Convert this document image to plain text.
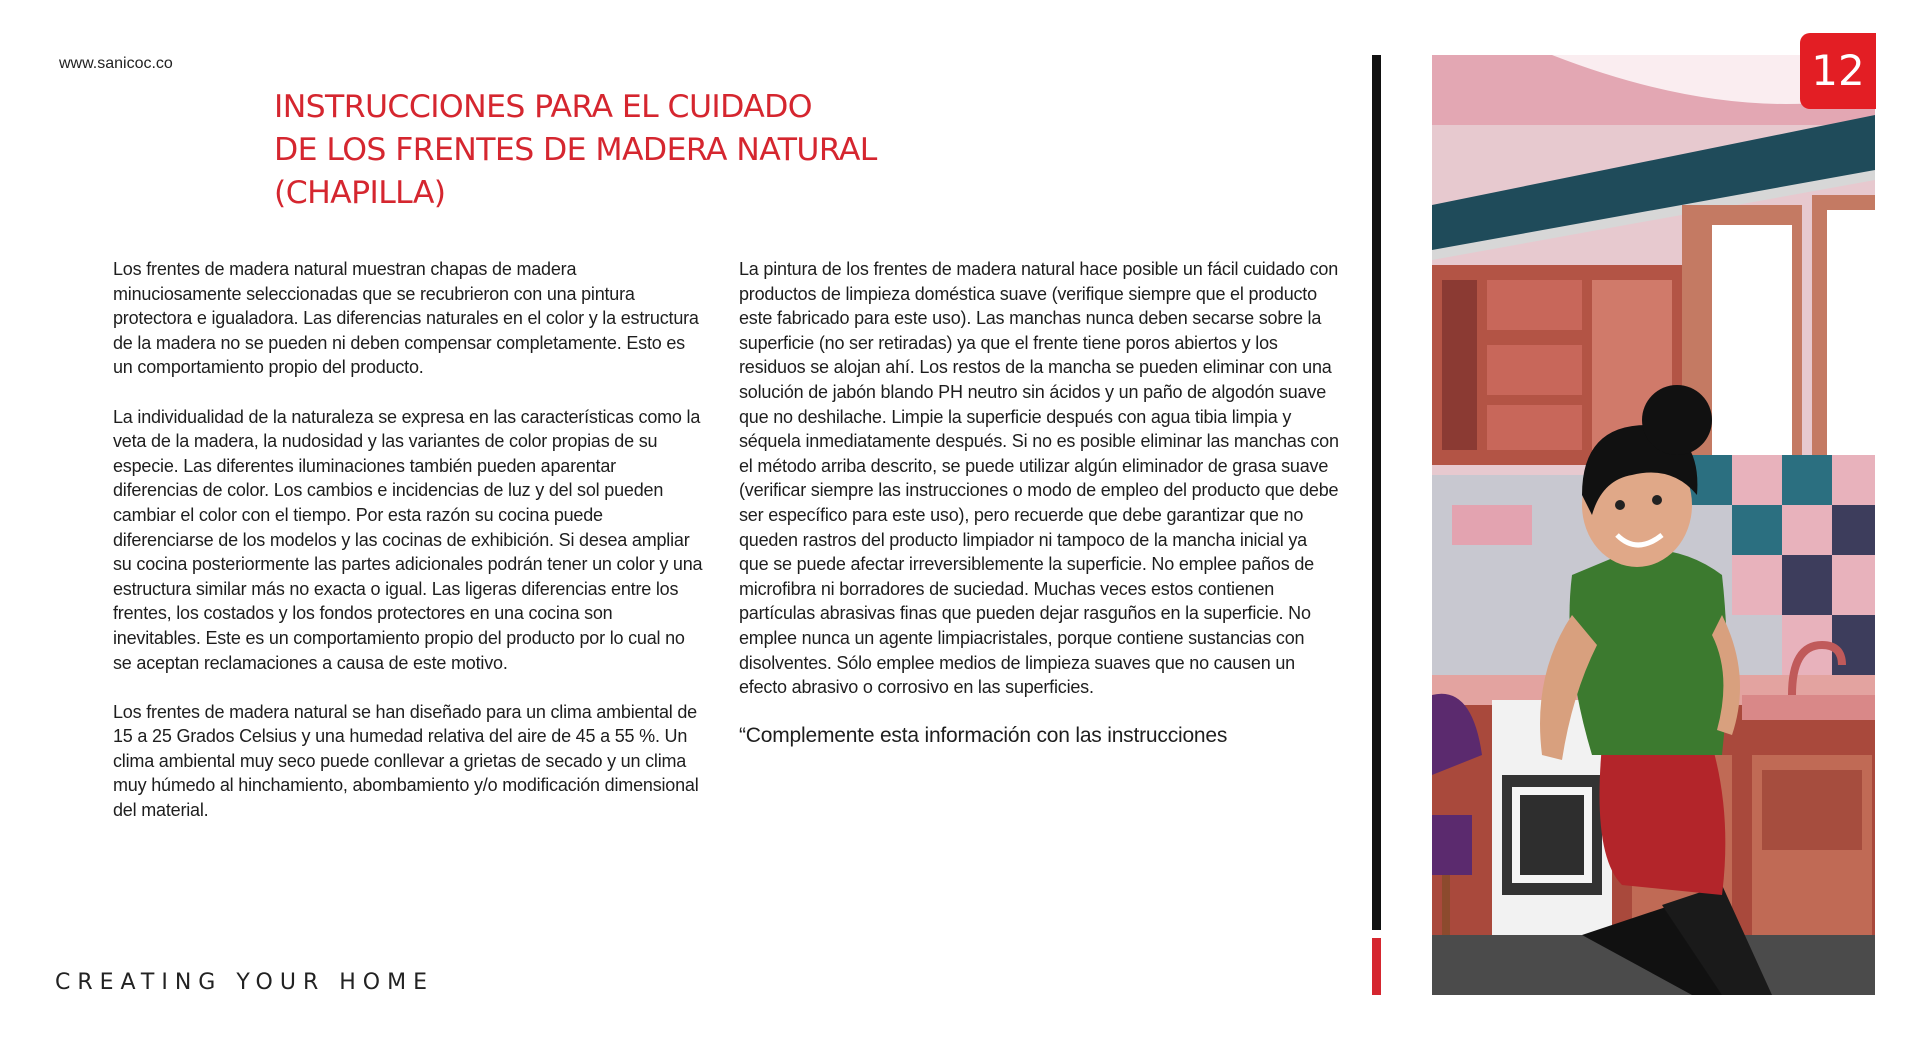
www.sanicoc.co
INSTRUCCIONES PARA EL CUIDADO
DE LOS FRENTES DE MADERA NATURAL
(CHAPILLA)

Los frentes de madera natural muestran chapas de madera minuciosamente seleccionadas que se recubrieron con una pintura protectora e igualadora. Las diferencias naturales en el color y la estructura de la madera no se pueden ni deben compensar completamente. Esto es un comportamiento propio del producto.

La individualidad de la naturaleza se expresa en las características como la veta de la madera, la nudosidad y las variantes de color propias de su especie. Las diferentes iluminaciones también pueden aparentar diferencias de color. Los cambios e incidencias de luz y del sol pueden cambiar el color con el tiempo. Por esta razón su cocina puede diferenciarse de los modelos y las cocinas de exhibición. Si desea ampliar su cocina posteriormente las partes adicionales podrán tener un color y una estructura similar más no exacta o igual. Las ligeras diferencias entre los frentes, los costados y los fondos protectores en una cocina son inevitables. Este es un comportamiento propio del producto por lo cual no se aceptan reclamaciones a causa de este motivo.

Los frentes de madera natural se han diseñado para un clima ambiental de 15 a 25 Grados Celsius y una humedad relativa del aire de 45 a 55 %. Un clima ambiental muy seco puede conllevar a grietas de secado y un clima muy húmedo al hinchamiento, abombamiento y/o modificación dimensional del material.

La pintura de los frentes de madera natural hace posible un fácil cuidado con productos de limpieza doméstica suave (verifique siempre que el producto este fabricado para este uso). Las manchas nunca deben secarse sobre la superficie (no ser retiradas) ya que el frente tiene poros abiertos y los residuos se alojan ahí. Los restos de la mancha se pueden eliminar con una solución de jabón blando PH neutro sin ácidos y un paño de algodón suave que no deshilache. Limpie la superficie después con agua tibia limpia y séquela inmediatamente después. Si no es posible eliminar las manchas con el método arriba descrito, se puede utilizar algún eliminador de grasa suave (verificar siempre las instrucciones o modo de empleo del producto que debe ser específico para este uso), pero recuerde que debe garantizar que no queden rastros del producto limpiador ni tampoco de la mancha inicial ya que se puede afectar irreversiblemente la superficie. No emplee paños de microfibra ni borradores de suciedad. Muchas veces estos contienen partículas abrasivas finas que pueden dejar rasguños en la superficie. No emplee nunca un agente limpiacristales, porque contiene sustancias con disolventes. Sólo emplee medios de limpieza suaves que no causen un efecto abrasivo o corrosivo en las superficies.

“Complemente esta información con las instrucciones

CREATING YOUR HOME
12
